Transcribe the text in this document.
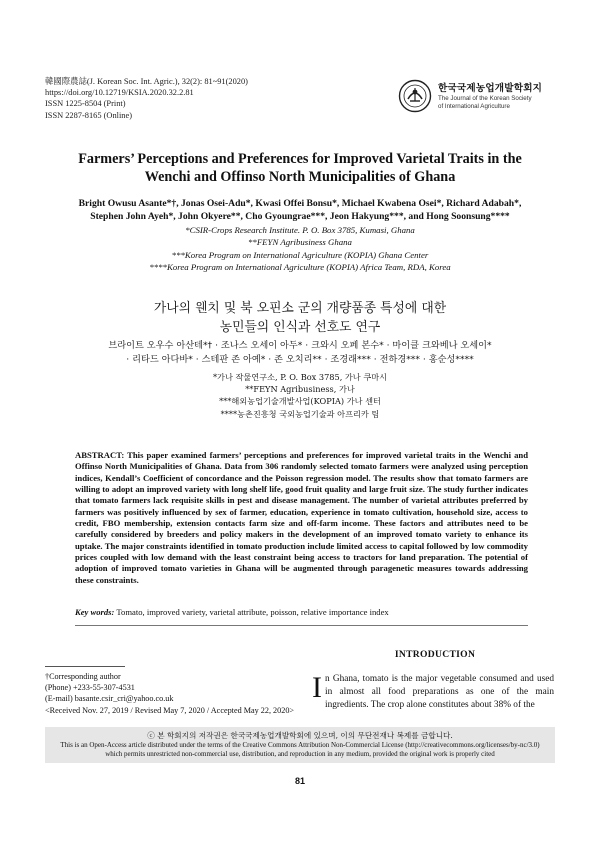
韓國際農誌(J. Korean Soc. Int. Agric.), 32(2): 81~91(2020)
https://doi.org/10.12719/KSIA.2020.32.2.81
ISSN 1225-8504 (Print)
ISSN 2287-8165 (Online)
한국국제농업개발학회지
The Journal of the Korean Society
of International Agriculture
Farmers’ Perceptions and Preferences for Improved Varietal Traits in the
Wenchi and Offinso North Municipalities of Ghana
Bright Owusu Asante*†, Jonas Osei-Adu*, Kwasi Offei Bonsu*, Michael Kwabena Osei*, Richard Adabah*,
Stephen John Ayeh*, John Okyere**, Cho Gyoungrae***, Jeon Hakyung***, and Hong Soonsung****
*CSIR-Crops Research Institute. P. O. Box 3785, Kumasi, Ghana
**FEYN Agribusiness Ghana
***Korea Program on International Agriculture (KOPIA) Ghana Center
****Korea Program on International Agriculture (KOPIA) Africa Team, RDA, Korea
가나의 웬치 및 북 오핀소 군의 개량품종 특성에 대한
농민들의 인식과 선호도 연구
브라이트 오우수 아산테*† · 조나스 오세이 아두* · 크와시 오페 본수* · 마이클 크와베나 오세이*
· 리타드 아다바* · 스테판 존 아예* · 존 오치리** · 조경래*** · 전하경*** · 홍순성****
*가나 작물연구소, P. O. Box 3785, 가나 쿠마시
**FEYN Agribusiness, 가나
***해외농업기술개발사업(KOPIA) 가나 센터
****농촌진흥청 국외농업기술과 아프리카 팀
ABSTRACT: This paper examined farmers’ perceptions and preferences for improved varietal traits in the Wenchi and Offinso North Municipalities of Ghana. Data from 306 randomly selected tomato farmers were analyzed using perception indices, Kendall’s Coefficient of concordance and the Poisson regression model. The results show that tomato farmers are willing to adopt an improved variety with long shelf life, good fruit quality and large fruit size. The study further indicates that tomato farmers lack requisite skills in pest and disease management. The number of varietal attributes preferred by farmers was positively influenced by sex of farmer, education, experience in tomato cultivation, household size, access to credit, FBO membership, extension contacts farm size and off-farm income. These factors and attributes need to be carefully considered by breeders and policy makers in the development of an improved tomato variety to enhance its uptake. The major constraints identified in tomato production include limited access to capital followed by low commodity prices coupled with low demand with the least constraint being access to tractors for land preparation. The potential of adoption of improved tomato varieties in Ghana will be augmented through paragenetic measures towards addressing these constraints.
Key words: Tomato, improved variety, varietal attribute, poisson, relative importance index
†Corresponding author
(Phone) +233-55-307-4531
(E-mail) basante.csir_cri@yahoo.co.uk
<Received Nov. 27, 2019 / Revised May 7, 2020 / Accepted May 22, 2020>
INTRODUCTION
In Ghana, tomato is the major vegetable consumed and used in almost all food preparations as one of the main ingredients. The crop alone constitutes about 38% of the
ⓒ 본 학회지의 저작권은 한국국제농업개발학회에 있으며, 이의 무단전재나 복제를 금합니다.
This is an Open-Access article distributed under the terms of the Creative Commons Attribution Non-Commercial License (http://creativecommons.org/licenses/by-nc/3.0) which permits unrestricted non-commercial use, distribution, and reproduction in any medium, provided the original work is properly cited
81
